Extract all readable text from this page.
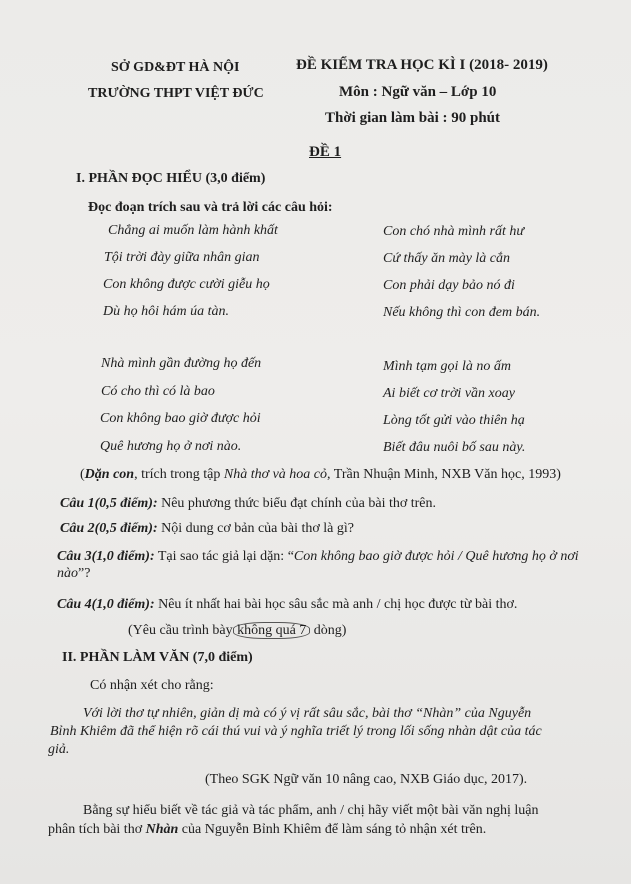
SỞ GD&ĐT HÀ NỘI
TRƯỜNG THPT VIỆT ĐỨC
ĐỀ KIỂM TRA HỌC KÌ I (2018- 2019)
Môn : Ngữ văn – Lớp 10
Thời gian làm bài : 90 phút
ĐỀ 1
I. PHẦN ĐỌC HIỂU (3,0 điểm)
Đọc đoạn trích sau và trả lời các câu hỏi:
Chẳng ai muốn làm hành khất
Tội trời đày giữa nhân gian
Con không được cười giễu họ
Dù họ hôi hám úa tàn.
Nhà mình gần đường họ đến
Có cho thì có là bao
Con không bao giờ được hỏi
Quê hương họ ở nơi nào.
Con chó nhà mình rất hư
Cứ thấy ăn mày là cắn
Con phải dạy bảo nó đi
Nếu không thì con đem bán.
Mình tạm gọi là no ấm
Ai biết cơ trời vần xoay
Lòng tốt gửi vào thiên hạ
Biết đâu nuôi bố sau này.
(Dặn con, trích trong tập Nhà thơ và hoa cỏ, Trần Nhuận Minh, NXB Văn học, 1993)
Câu 1(0,5 điểm): Nêu phương thức biểu đạt chính của bài thơ trên.
Câu 2(0,5 điểm): Nội dung cơ bản của bài thơ là gì?
Câu 3(1,0 điểm): Tại sao tác giả lại dặn: “Con không bao giờ được hỏi / Quê hương họ ở nơi nào”?
Câu 4(1,0 điểm): Nêu ít nhất hai bài học sâu sắc mà anh / chị học được từ bài thơ.
(Yêu cầu trình bày không quá 7 dòng)
II. PHẦN LÀM VĂN (7,0 điểm)
Có nhận xét cho rằng:
Với lời thơ tự nhiên, giản dị mà có ý vị rất sâu sắc, bài thơ “Nhàn” của Nguyễn
Bỉnh Khiêm đã thể hiện rõ cái thú vui và ý nghĩa triết lý trong lối sống nhàn dật của tác
giả.
(Theo SGK Ngữ văn 10 nâng cao, NXB Giáo dục, 2017).
Bằng sự hiểu biết về tác giả và tác phẩm, anh / chị hãy viết một bài văn nghị luận
phân tích bài thơ Nhàn của Nguyễn Bỉnh Khiêm để làm sáng tỏ nhận xét trên.
